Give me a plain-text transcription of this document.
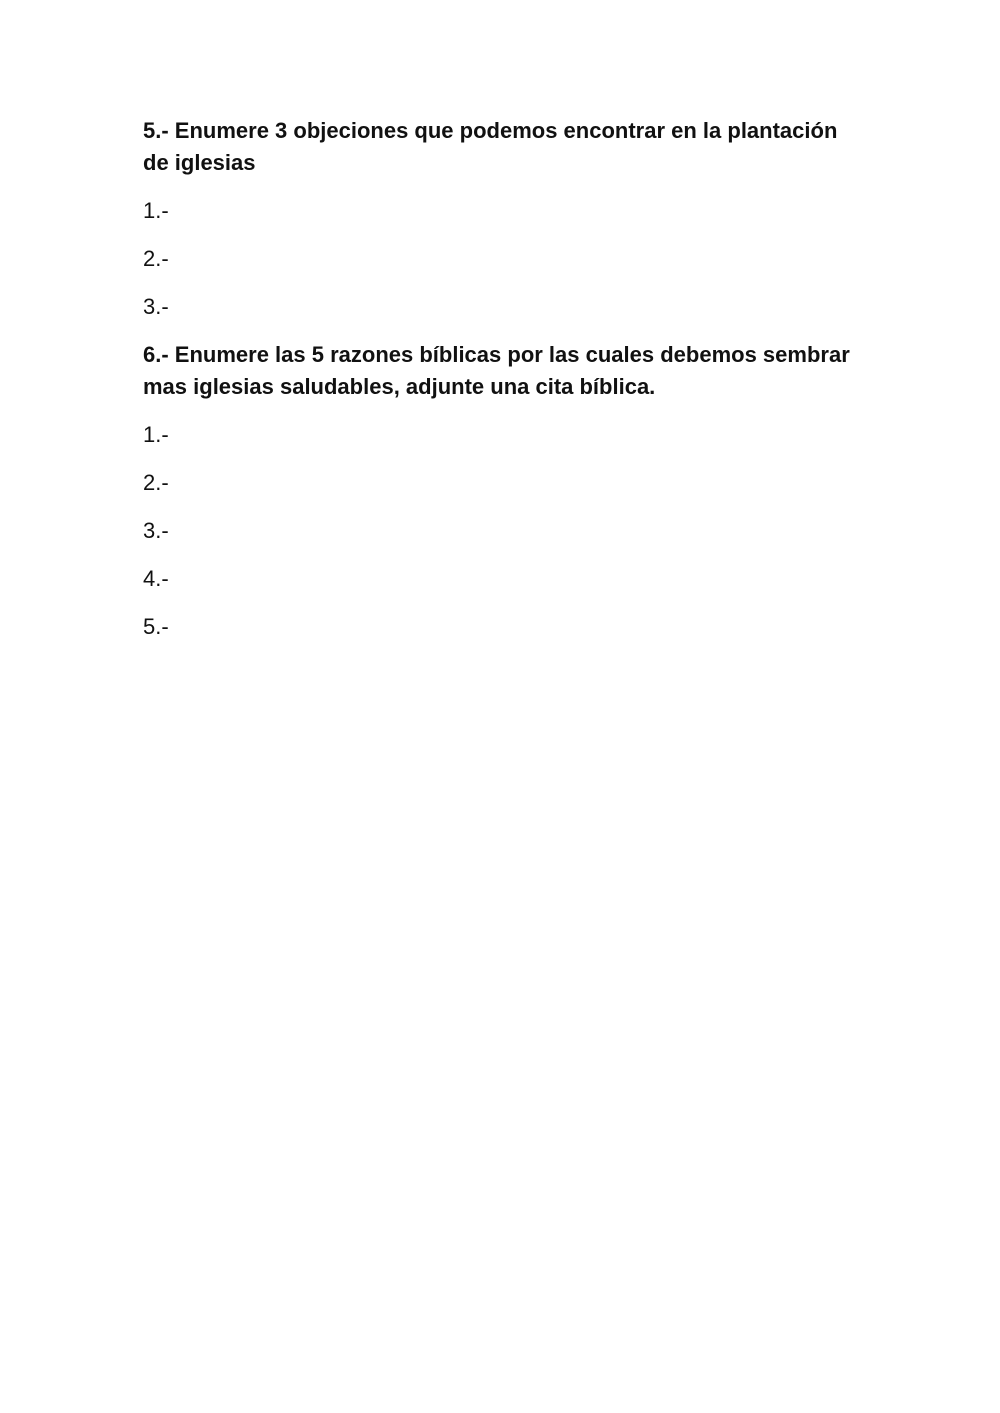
5.- Enumere 3 objeciones que podemos encontrar en la plantación de iglesias

1.-
2.-
3.-

6.- Enumere las 5 razones bíblicas por las cuales debemos sembrar mas iglesias saludables, adjunte una cita bíblica.

1.-
2.-
3.-
4.-
5.-
